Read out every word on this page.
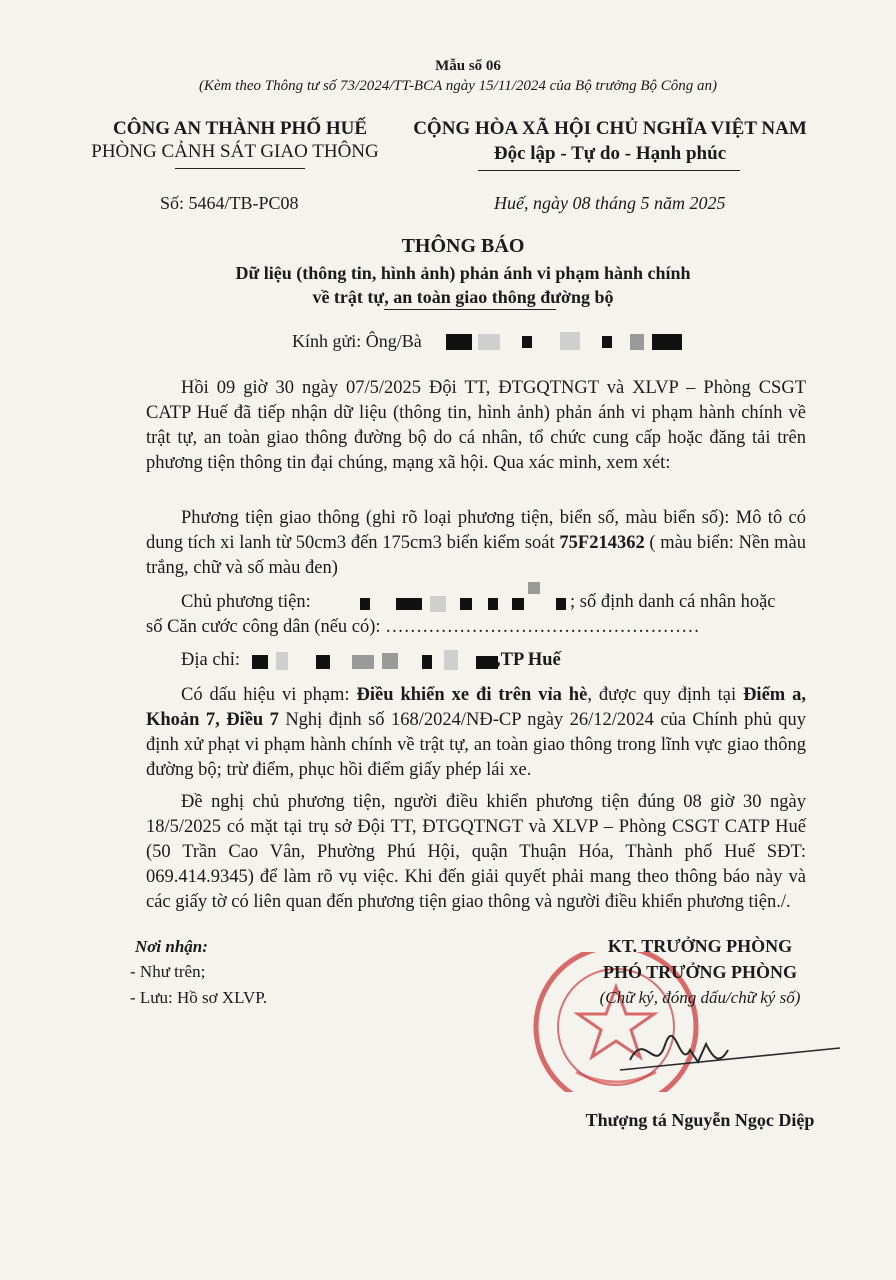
Mẫu số 06
(Kèm theo Thông tư số 73/2024/TT-BCA ngày 15/11/2024 của Bộ trưởng Bộ Công an)
CÔNG AN THÀNH PHỐ HUẾ
PHÒNG CẢNH SÁT GIAO THÔNG
CỘNG HÒA XÃ HỘI CHỦ NGHĨA VIỆT NAM
Độc lập - Tự do - Hạnh phúc
Số: 5464/TB-PC08	Huế, ngày 08 tháng 5 năm 2025
THÔNG BÁO
Dữ liệu (thông tin, hình ảnh) phản ánh vi phạm hành chính
về trật tự, an toàn giao thông đường bộ
Kính gửi: Ông/Bà
Hồi 09 giờ 30 ngày 07/5/2025 Đội TT, ĐTGQTNGT và XLVP – Phòng CSGT CATP Huế đã tiếp nhận dữ liệu (thông tin, hình ảnh) phản ánh vi phạm hành chính về trật tự, an toàn giao thông đường bộ do cá nhân, tổ chức cung cấp hoặc đăng tải trên phương tiện thông tin đại chúng, mạng xã hội. Qua xác minh, xem xét:
Phương tiện giao thông (ghi rõ loại phương tiện, biển số, màu biển số): Mô tô có dung tích xi lanh từ 50cm3 đến 175cm3 biển kiểm soát 75F214362 ( màu biển: Nền màu trắng, chữ và số màu đen)
Chủ phương tiện:	; số định danh cá nhân hoặc
số Căn cước công dân (nếu có): ……………………………………………
Địa chỉ:	,TP Huế
Có dấu hiệu vi phạm: Điều khiển xe đi trên vỉa hè, được quy định tại Điểm a, Khoản 7, Điều 7 Nghị định số 168/2024/NĐ-CP ngày 26/12/2024 của Chính phủ quy định xử phạt vi phạm hành chính về trật tự, an toàn giao thông trong lĩnh vực giao thông đường bộ; trừ điểm, phục hồi điểm giấy phép lái xe.
Đề nghị chủ phương tiện, người điều khiển phương tiện đúng 08 giờ 30 ngày 18/5/2025 có mặt tại trụ sở Đội TT, ĐTGQTNGT và XLVP – Phòng CSGT CATP Huế (50 Trần Cao Vân, Phường Phú Hội, quận Thuận Hóa, Thành phố Huế SĐT: 069.414.9345) để làm rõ vụ việc. Khi đến giải quyết phải mang theo thông báo này và các giấy tờ có liên quan đến phương tiện giao thông và người điều khiển phương tiện./.
Nơi nhận:
- Như trên;
- Lưu: Hồ sơ XLVP.
KT. TRƯỞNG PHÒNG
PHÓ TRƯỞNG PHÒNG
(Chữ ký, đóng dấu/chữ ký số)
Thượng tá Nguyễn Ngọc Diệp
